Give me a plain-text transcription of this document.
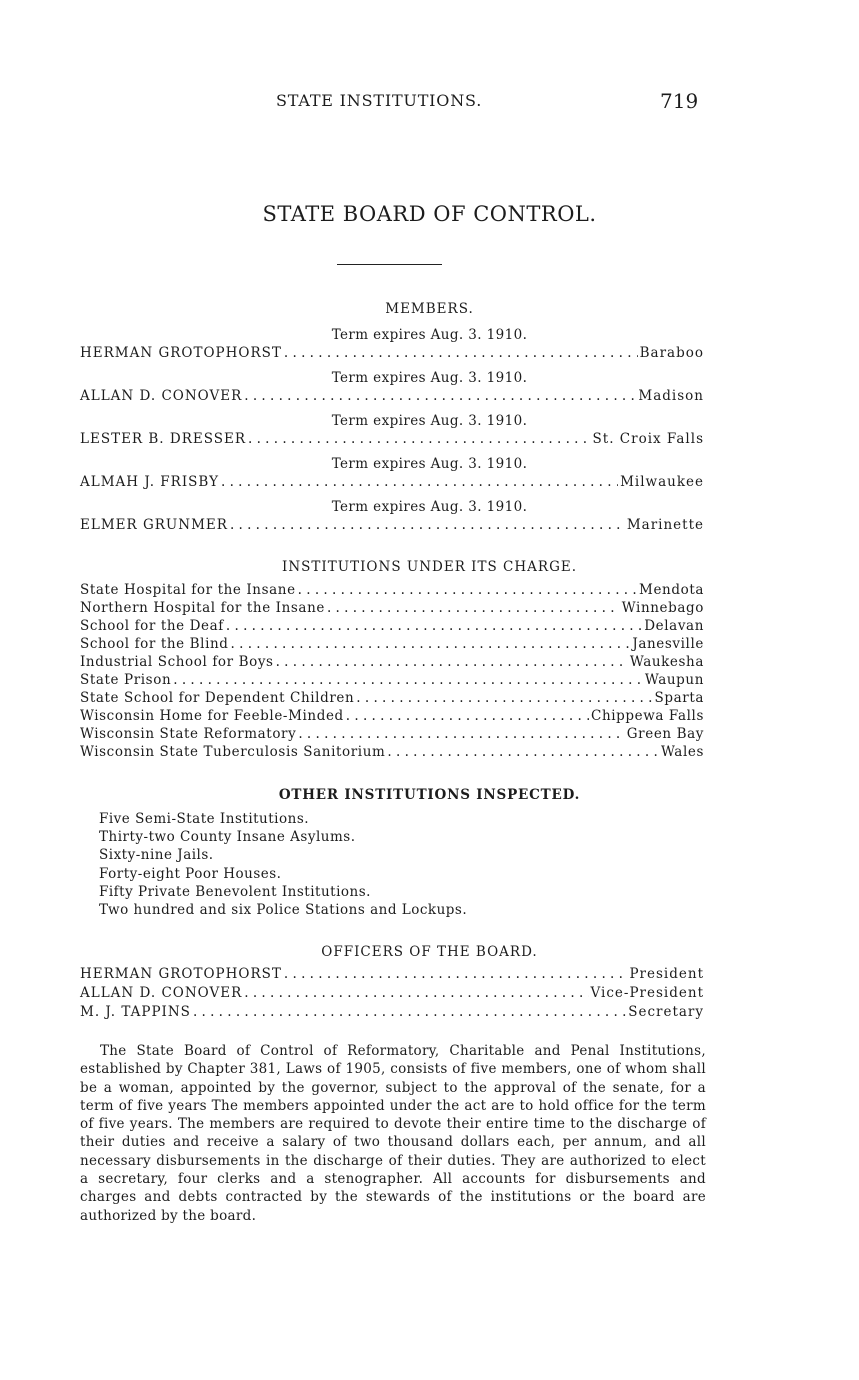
STATE INSTITUTIONS.	719
STATE BOARD OF CONTROL.
MEMBERS.
Term expires Aug. 3. 1910.
HERMAN GROTOPHORST . . .	Baraboo
Term expires Aug. 3. 1910.
ALLAN D. CONOVER . . .	Madison
Term expires Aug. 3. 1910.
LESTER B. DRESSER . . .	St. Croix Falls
Term expires Aug. 3. 1910.
ALMAH J. FRISBY . . .	Milwaukee
Term expires Aug. 3. 1910.
ELMER GRUNMER . . .	Marinette
INSTITUTIONS UNDER ITS CHARGE.
State Hospital for the Insane . . .	Mendota
Northern Hospital for the Insane . . .	Winnebago
School for the Deaf . . .	Delavan
School for the Blind . . .	Janesville
Industrial School for Boys . . .	Waukesha
State Prison . . .	Waupun
State School for Dependent Children . . .	Sparta
Wisconsin Home for Feeble-Minded . . .	Chippewa Falls
Wisconsin State Reformatory . . .	Green Bay
Wisconsin State Tuberculosis Sanitorium . . .	Wales
OTHER INSTITUTIONS INSPECTED.
Five Semi-State Institutions.
Thirty-two County Insane Asylums.
Sixty-nine Jails.
Forty-eight Poor Houses.
Fifty Private Benevolent Institutions.
Two hundred and six Police Stations and Lockups.
OFFICERS OF THE BOARD.
HERMAN GROTOPHORST . . .	President
ALLAN D. CONOVER . . .	Vice-President
M. J. TAPPINS . . .	Secretary

The State Board of Control of Reformatory, Charitable and Penal Institutions, established by Chapter 381, Laws of 1905, consists of five members, one of whom shall be a woman, appointed by the governor, subject to the approval of the senate, for a term of five years The members appointed under the act are to hold office for the term of five years. The members are required to devote their entire time to the discharge of their duties and receive a salary of two thousand dollars each, per annum, and all necessary disbursements in the discharge of their duties. They are authorized to elect a secretary, four clerks and a stenographer. All accounts for disbursements and charges and debts contracted by the stewards of the institutions or the board are authorized by the board.
